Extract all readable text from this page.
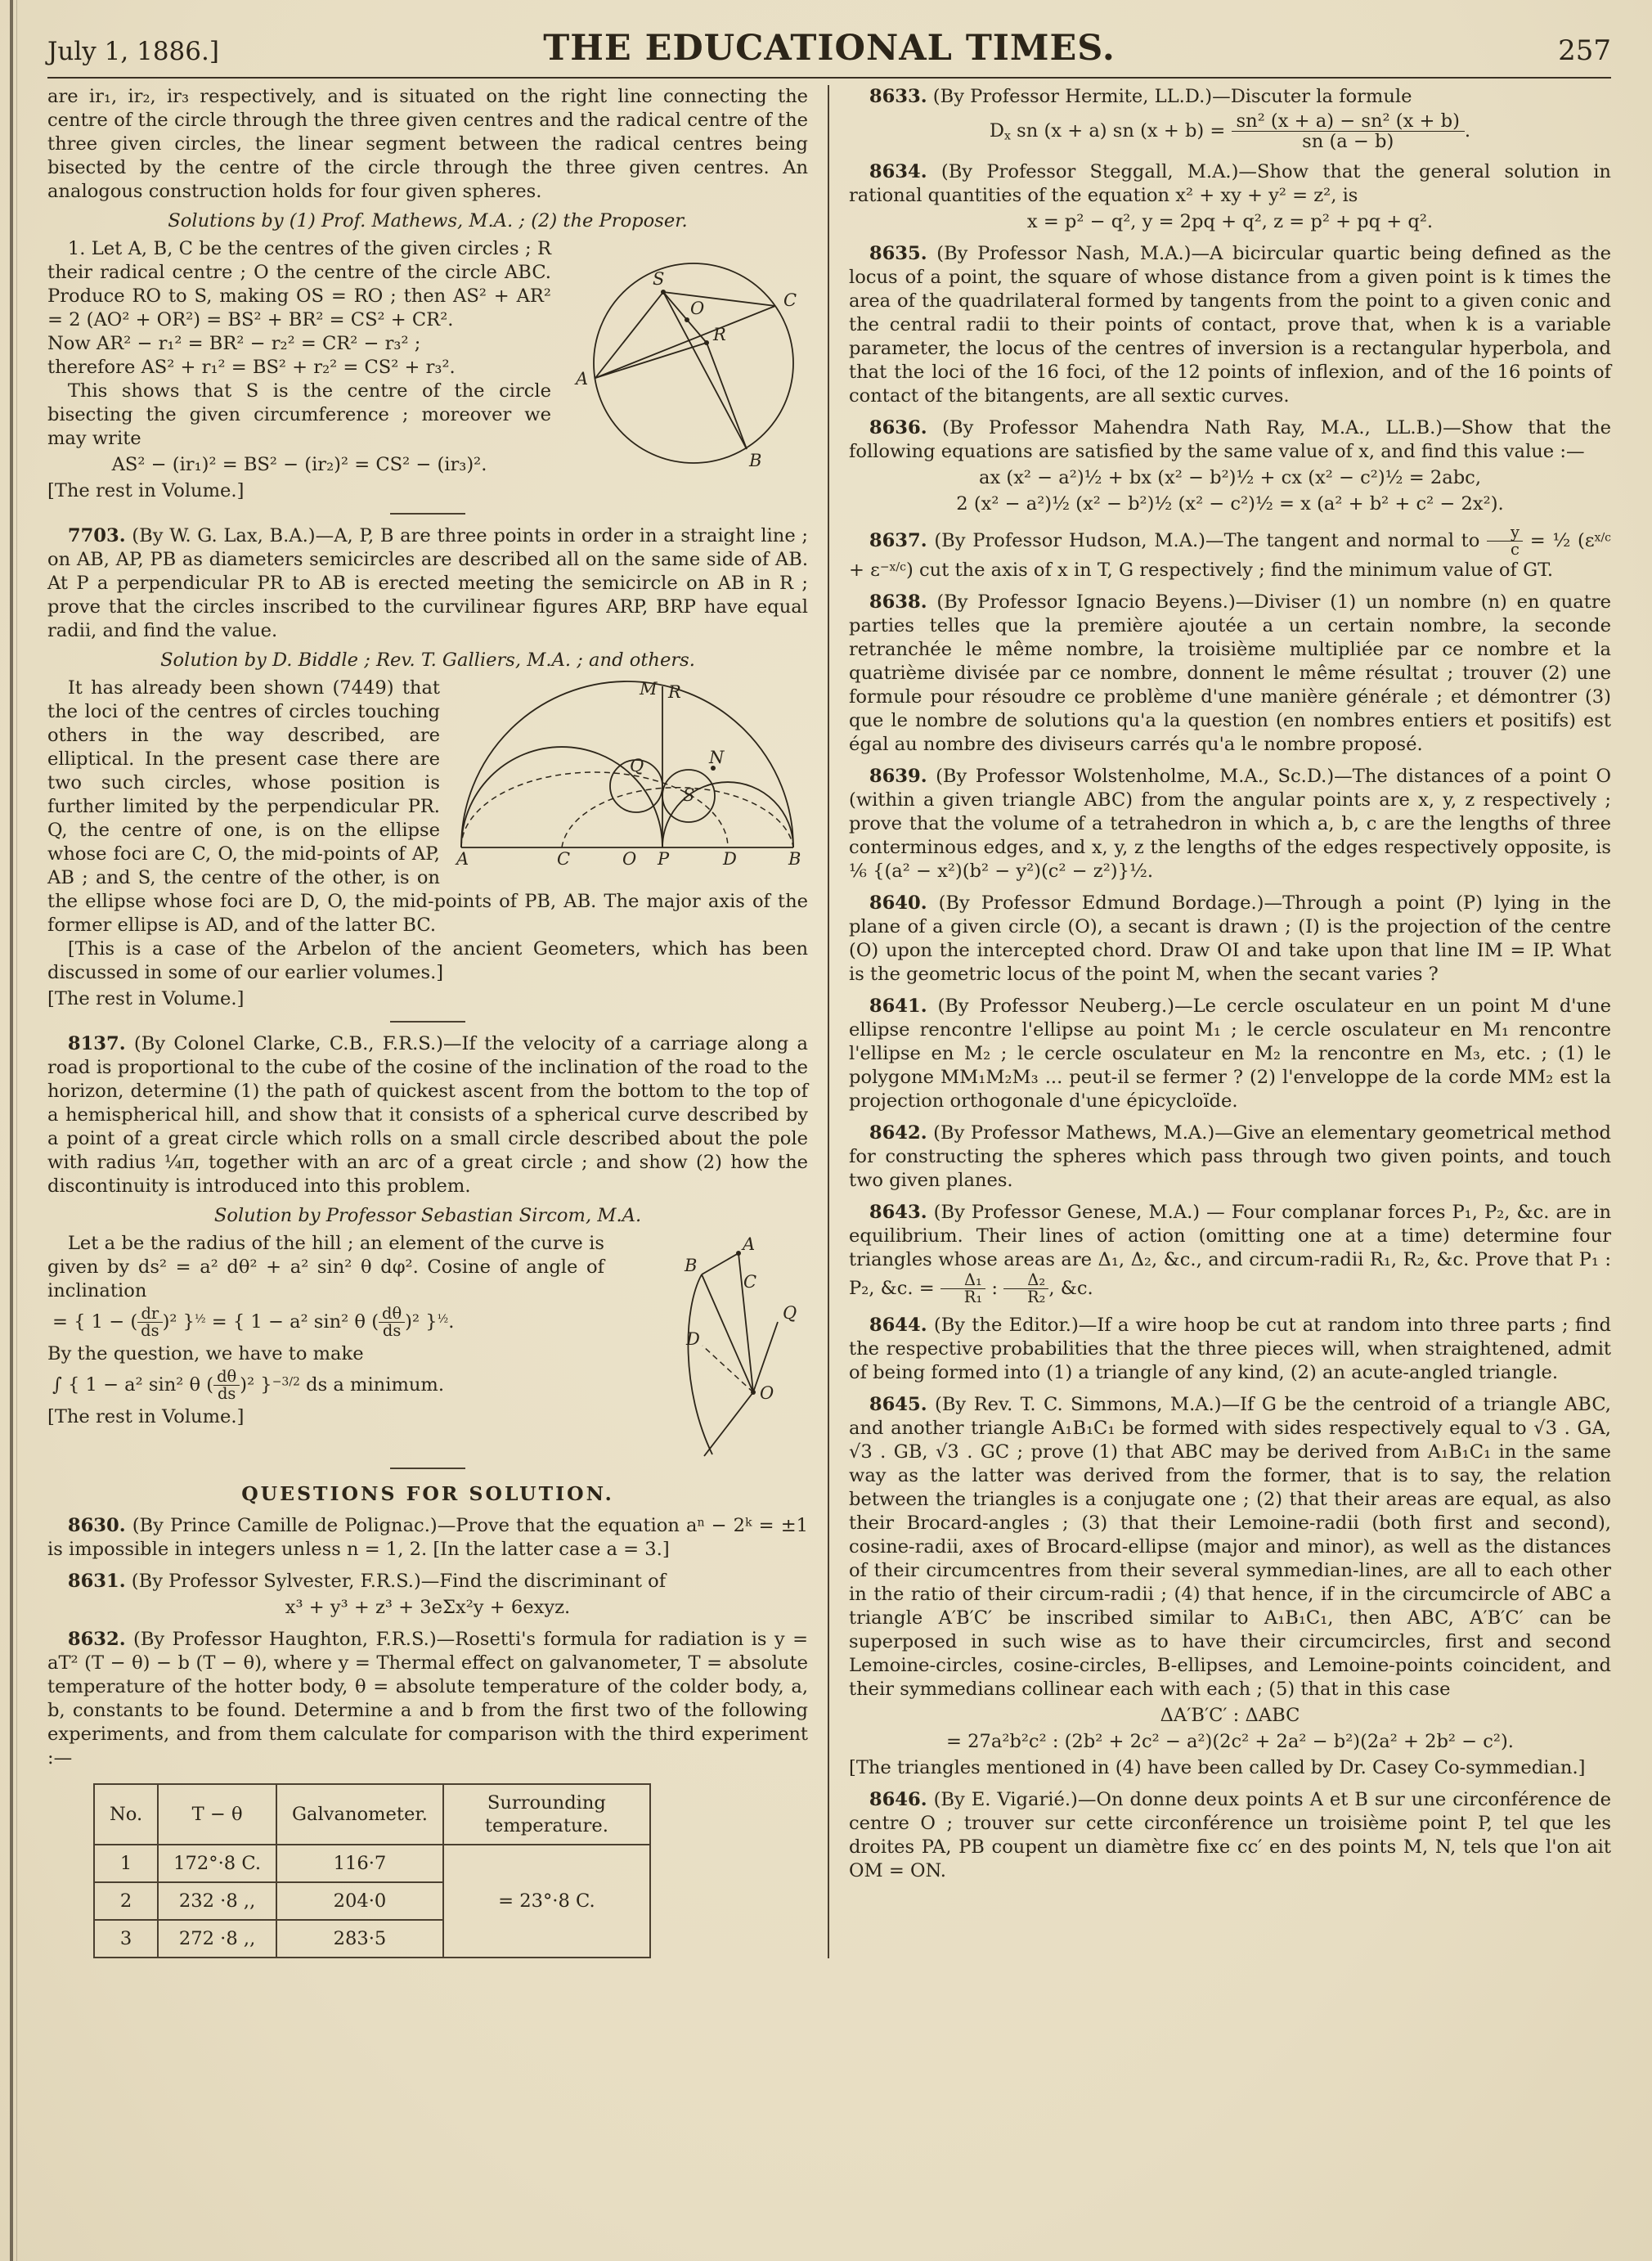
July 1, 1886.]	THE EDUCATIONAL TIMES.	257

are ir₁, ir₂, ir₃ respectively, and is situated on the right line connecting the centre of the circle through the three given centres and the radical centre of the three given circles, the linear segment between the radical centres being bisected by the centre of the circle through the three given centres. An analogous construction holds for four given spheres.

Solutions by (1) Prof. Mathews, M.A. ; (2) the Proposer.

S
O
R
C
A
B
1. Let A, B, C be the centres of the given circles ; R their radical centre ; O the centre of the circle ABC. Produce RO to S, making OS = RO ; then AS² + AR² = 2 (AO² + OR²) = BS² + BR² = CS² + CR².

Now AR² − r₁² = BR² − r₂² = CR² − r₃² ;

therefore AS² + r₁² = BS² + r₂² = CS² + r₃².

This shows that S is the centre of the circle bisecting the given circumference ; moreover we may write

AS² − (ir₁)² = BS² − (ir₂)² = CS² − (ir₃)².

[The rest in Volume.]

7703. (By W. G. Lax, B.A.)—A, P, B are three points in order in a straight line ; on AB, AP, PB as diameters semicircles are described all on the same side of AB. At P a perpendicular PR to AB is erected meeting the semicircle on AB in R ; prove that the circles inscribed to the curvilinear figures ARP, BRP have equal radii, and find the value.

Solution by D. Biddle ; Rev. T. Galliers, M.A. ; and others.

M R
Q	N
S
A	C	O P	D	B
It has already been shown (7449) that the loci of the centres of circles touching others in the way described, are elliptical. In the present case there are two such circles, whose position is further limited by the perpendicular PR. Q, the centre of one, is on the ellipse whose foci are C, O, the mid-points of AP, AB ; and S, the centre of the other, is on the ellipse whose foci are D, O, the mid-points of PB, AB. The major axis of the former ellipse is AD, and of the latter BC.

[This is a case of the Arbelon of the ancient Geometers, which has been discussed in some of our earlier volumes.]

[The rest in Volume.]

8137. (By Colonel Clarke, C.B., F.R.S.)—If the velocity of a carriage along a road is proportional to the cube of the cosine of the inclination of the road to the horizon, determine (1) the path of quickest ascent from the bottom to the top of a hemispherical hill, and show that it consists of a spherical curve described by a point of a great circle which rolls on a small circle described about the pole with radius ¼π, together with an arc of a great circle ; and show (2) how the discontinuity is introduced into this problem.

Solution by Professor Sebastian Sircom, M.A.

A
B
C
Q
D
O
Let a be the radius of the hill ; an element of the curve is given by ds² = a² dθ² + a² sin² θ dφ². Cosine of angle of inclination

= { 1 − ( $\frac{dr}{ds} )^2$ }$^{\frac{1}{2}}$ = { 1 − a² sin² θ ( $\frac{d\theta}{ds} )^2$ }$^{\frac{1}{2}}$.

By the question, we have to make

∫ { 1 − a² sin² θ ( $\frac{d\theta}{ds} )^2$ }$^{-3/2}$ ds a minimum.

[The rest in Volume.]

QUESTIONS FOR SOLUTION.

8630. (By Prince Camille de Polignac.)—Prove that the equation $a^n - 2^k = \pm 1$ is impossible in integers unless n = 1, 2. [In the latter case a = 3.]

8631. (By Professor Sylvester, F.R.S.)—Find the discriminant of

x³ + y³ + z³ + 3eΣx²y + 6exyz.

8632. (By Professor Haughton, F.R.S.)—Rosetti's formula for radiation is y = aT² (T − θ) − b (T − θ), where y = Thermal effect on galvanometer, T = absolute temperature of the hotter body, θ = absolute temperature of the colder body, a, b, constants to be found. Determine a and b from the first two of the following experiments, and from them calculate for comparison with the third experiment :—

No.	T − θ	Galvanometer.	Surrounding temperature.
1	172°·8 C.	116·7	= 23°·8 C.
2	232 ·8 ,,	204·0	
3	272 ·8 ,,	283·5	

8633. (By Professor Hermite, LL.D.)—Discuter la formule

$D_x$ sn (x + a) sn $(x + b) = \frac{\text{sn² (x + a) − sn² (x + b)}}{sn (a - b)}$ .

8634. (By Professor Steggall, M.A.)—Show that the general solution in rational quantities of the equation x² + xy + y² = z², is

x = p² − q², y = 2pq + q², z = p² + pq + q².

8635. (By Professor Nash, M.A.)—A bicircular quartic being defined as the locus of a point, the square of whose distance from a given point is k times the area of the quadrilateral formed by tangents from the point to a given conic and the central radii to their points of contact, prove that, when k is a variable parameter, the locus of the centres of inversion is a rectangular hyperbola, and that the loci of the 16 foci, of the 12 points of inflexion, and of the 16 points of contact of the bitangents, are all sextic curves.

8636. (By Professor Mahendra Nath Ray, M.A., LL.B.)—Show that the following equations are satisfied by the same value of x, and find this value :—

ax (x² − a²)½ + bx (x² − b²)½ + cx (x² − c²)½ = 2abc,
2 (x² − a²)½ (x² − b²)½ (x² − c²)½ = x (a² + b² + c² − 2x²).

8637. (By Professor Hudson, M.A.)—The tangent and normal to $\frac{y}{c}$ = ½ $(\varepsilon^{x/c} + \varepsilon^{-x/c})$ cut the axis of x in T, G respectively ; find the minimum value of GT.

8638. (By Professor Ignacio Beyens.)—Diviser (1) un nombre (n) en quatre parties telles que la première ajoutée a un certain nombre, la seconde retranchée le même nombre, la troisième multipliée par ce nombre et la quatrième divisée par ce nombre, donnent le même résultat ; trouver (2) une formule pour résoudre ce problème d'une manière générale ; et démontrer (3) que le nombre de solutions qu'a la question (en nombres entiers et positifs) est égal au nombre des diviseurs carrés qu'a le nombre proposé.

8639. (By Professor Wolstenholme, M.A., Sc.D.)—The distances of a point O (within a given triangle ABC) from the angular points are x, y, z respectively ; prove that the volume of a tetrahedron in which a, b, c are the lengths of three conterminous edges, and x, y, z the lengths of the edges respectively opposite, is ⅙ {(a² − x²)(b² − y²)(c² − z²)}½.

8640. (By Professor Edmund Bordage.)—Through a point (P) lying in the plane of a given circle (O), a secant is drawn ; (I) is the projection of the centre (O) upon the intercepted chord. Draw OI and take upon that line IM = IP. What is the geometric locus of the point M, when the secant varies ?

8641. (By Professor Neuberg.)—Le cercle osculateur en un point M d'une ellipse rencontre l'ellipse au point M₁ ; le cercle osculateur en M₁ rencontre l'ellipse en M₂ ; le cercle osculateur en M₂ la rencontre en M₃, etc. ; (1) le polygone MM₁M₂M₃ ... peut-il se fermer ? (2) l'enveloppe de la corde MM₂ est la projection orthogonale d'une épicycloïde.

8642. (By Professor Mathews, M.A.)—Give an elementary geometrical method for constructing the spheres which pass through two given points, and touch two given planes.

8643. (By Professor Genese, M.A.) — Four complanar forces P₁, P₂, &c. are in equilibrium. Their lines of action (omitting one at a time) determine four triangles whose areas are Δ₁, Δ₂, &c., and circum-radii R₁, R₂, &c. Prove that P₁ : P₂, &c. = $\frac{\text{Δ₁}}{\text{R₁}}$ : $\frac{\text{Δ₂}}{\text{R₂}}$ , &c.

8644. (By the Editor.)—If a wire hoop be cut at random into three parts ; find the respective probabilities that the three pieces will, when straightened, admit of being formed into (1) a triangle of any kind, (2) an acute-angled triangle.

8645. (By Rev. T. C. Simmons, M.A.)—If G be the centroid of a triangle ABC, and another triangle A₁B₁C₁ be formed with sides respectively equal to √3 . GA, √3 . GB, √3 . GC ; prove (1) that ABC may be derived from A₁B₁C₁ in the same way as the latter was derived from the former, that is to say, the relation between the triangles is a conjugate one ; (2) that their areas are equal, as also their Brocard-angles ; (3) that their Lemoine-radii (both first and second), cosine-radii, axes of Brocard-ellipse (major and minor), as well as the distances of their circumcentres from their several symmedian-lines, are all to each other in the ratio of their circum-radii ; (4) that hence, if in the circumcircle of ABC a triangle A′B′C′ be inscribed similar to A₁B₁C₁, then ABC, A′B′C′ can be superposed in such wise as to have their circumcircles, first and second Lemoine-circles, cosine-circles, B-ellipses, and Lemoine-points coincident, and their symmedians collinear each with each ; (5) that in this case

ΔA′B′C′ : ΔABC
= 27a²b²c² : (2b² + 2c² − a²)(2c² + 2a² − b²)(2a² + 2b² − c²).

[The triangles mentioned in (4) have been called by Dr. Casey Co-symmedian.]

8646. (By E. Vigarié.)—On donne deux points A et B sur une circonférence de centre O ; trouver sur cette circonférence un troisième point P, tel que les droites PA, PB coupent un diamètre fixe cc′ en des points M, N, tels que l'on ait OM = ON.
